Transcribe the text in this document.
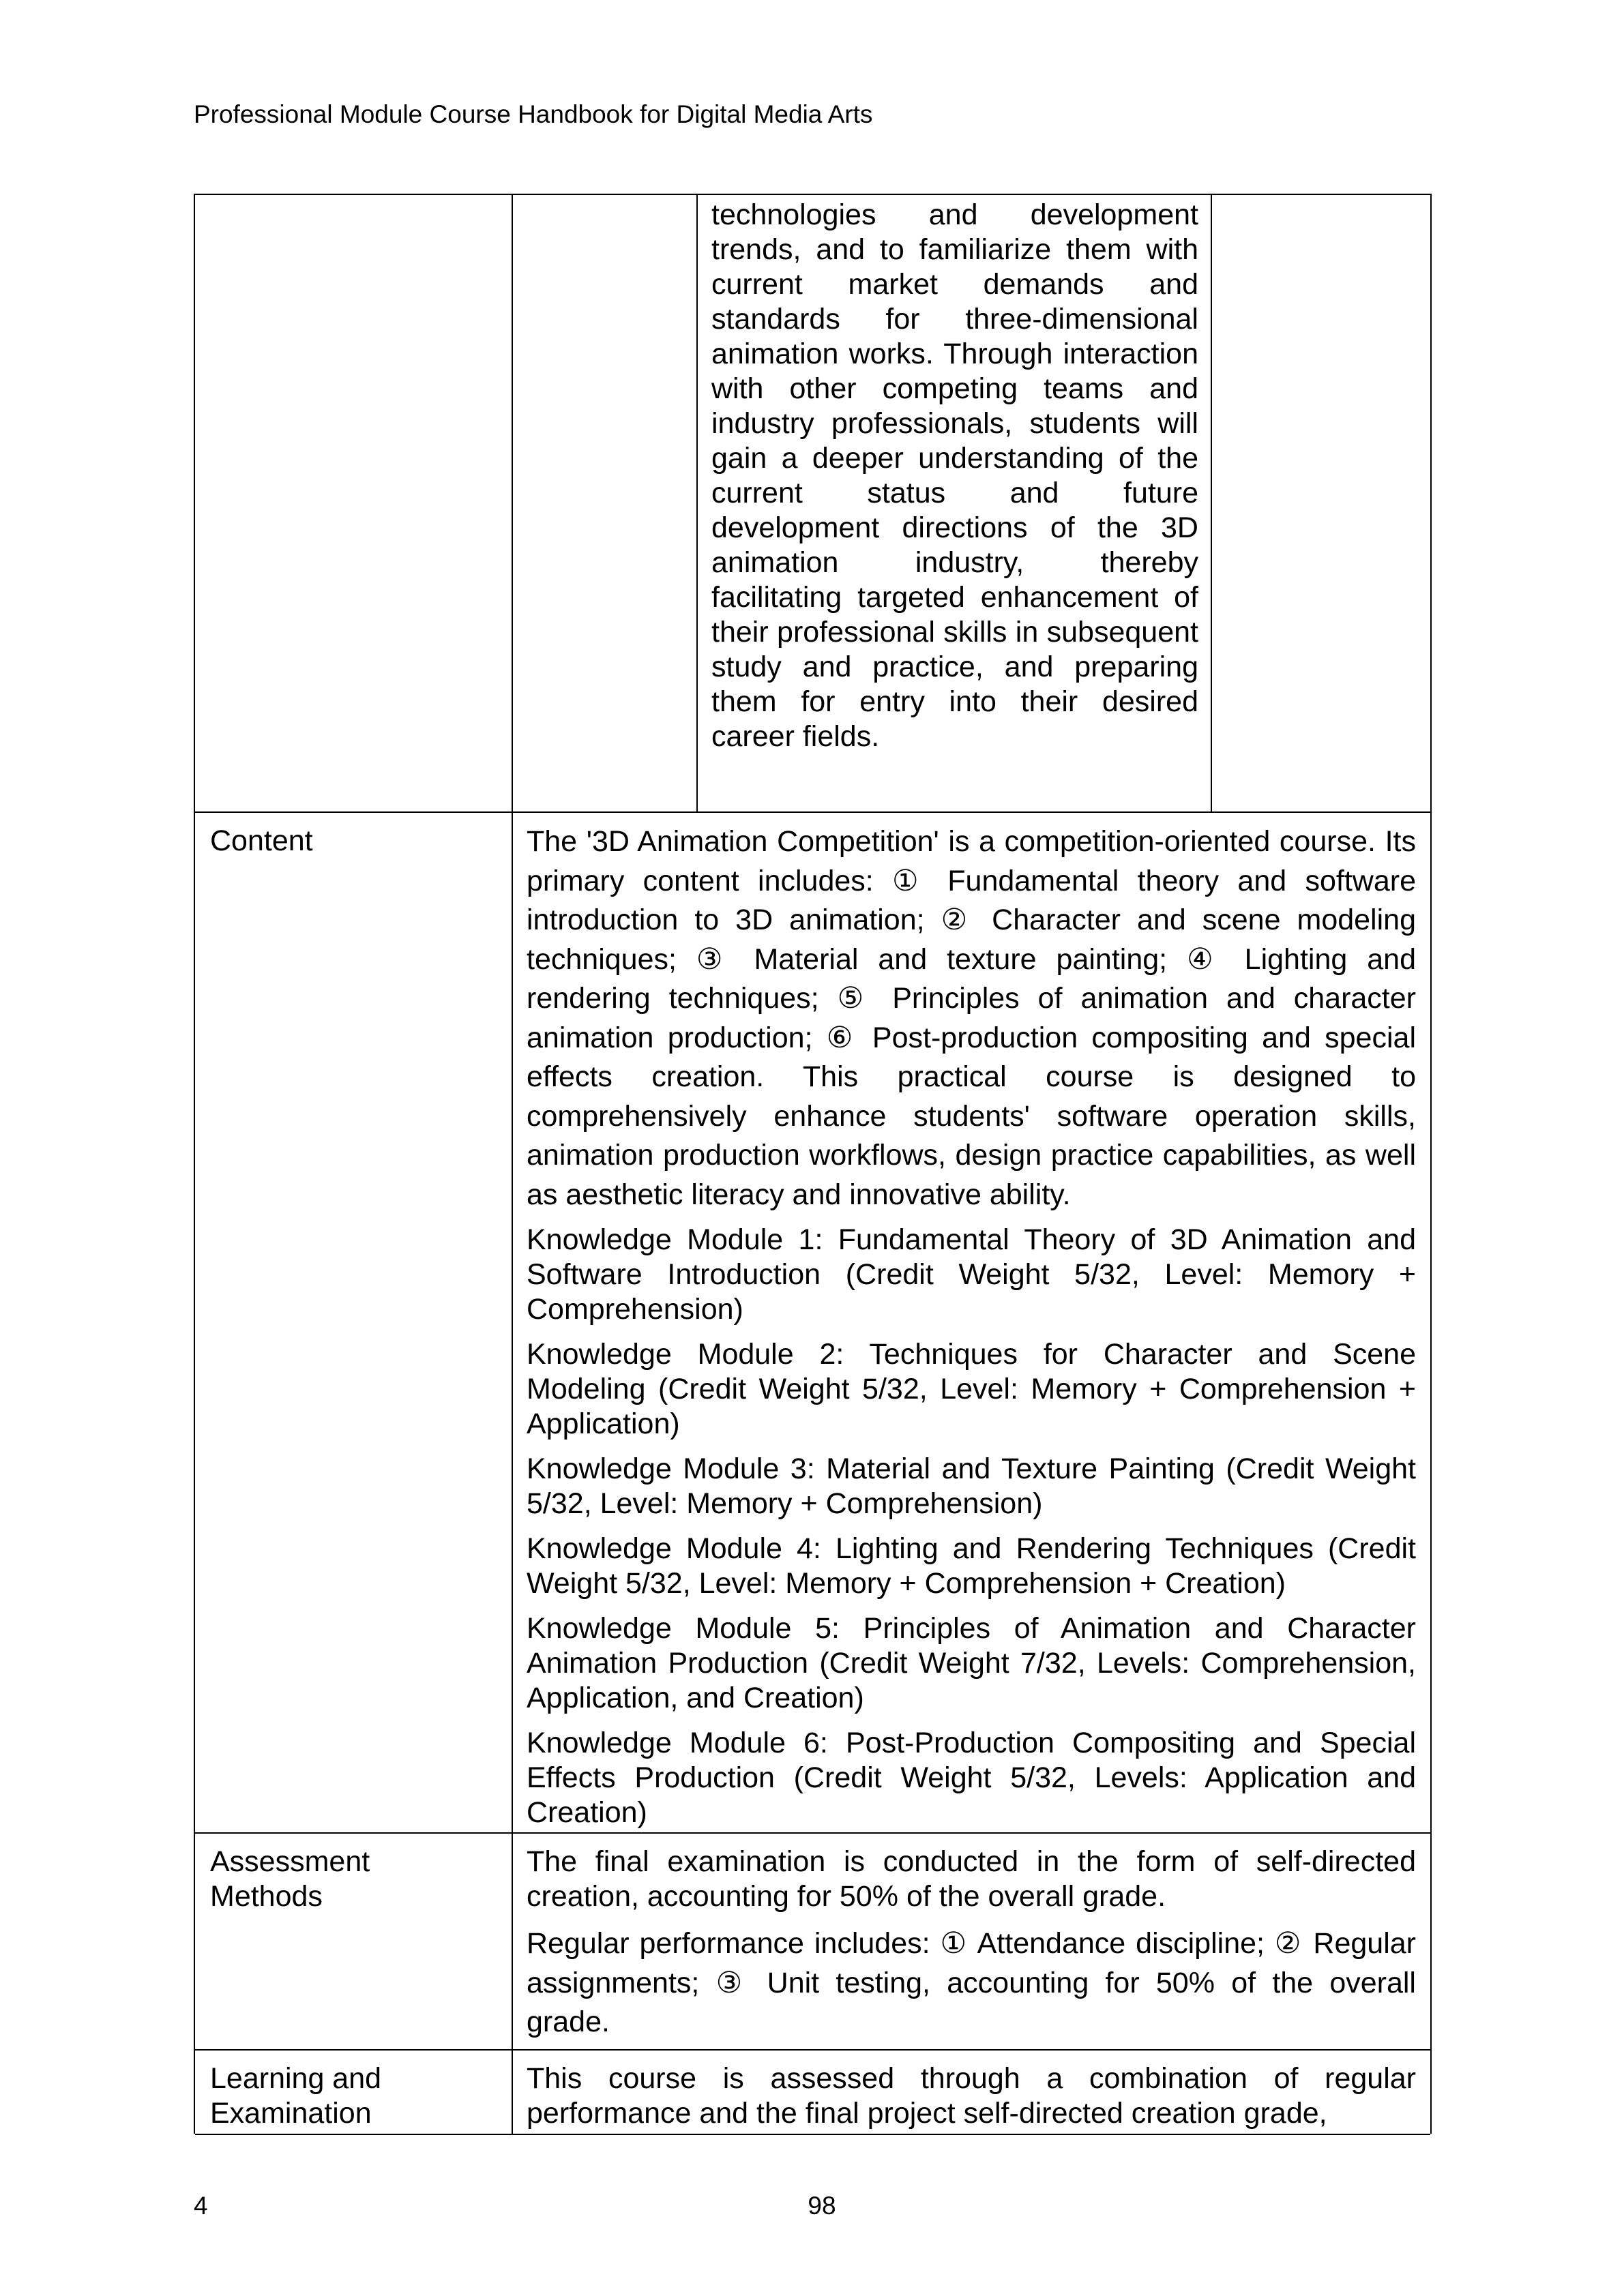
Professional Module Course Handbook for Digital Media Arts
technologies and development trends, and to familiarize them with current market demands and standards for three-dimensional animation works. Through interaction with other competing teams and industry professionals, students will gain a deeper understanding of the current status and future development directions of the 3D animation industry, thereby facilitating targeted enhancement of their professional skills in subsequent study and practice, and preparing them for entry into their desired career fields.
Content	The '3D Animation Competition' is a competition-oriented course. Its primary content includes: ① Fundamental theory and software introduction to 3D animation; ② Character and scene modeling techniques; ③ Material and texture painting; ④ Lighting and rendering techniques; ⑤ Principles of animation and character animation production; ⑥ Post-production compositing and special effects creation. This practical course is designed to comprehensively enhance students' software operation skills, animation production workflows, design practice capabilities, as well as aesthetic literacy and innovative ability.

Knowledge Module 1: Fundamental Theory of 3D Animation and Software Introduction (Credit Weight 5/32, Level: Memory + Comprehension)

Knowledge Module 2: Techniques for Character and Scene Modeling (Credit Weight 5/32, Level: Memory + Comprehension + Application)

Knowledge Module 3: Material and Texture Painting (Credit Weight 5/32, Level: Memory + Comprehension)

Knowledge Module 4: Lighting and Rendering Techniques (Credit Weight 5/32, Level: Memory + Comprehension + Creation)

Knowledge Module 5: Principles of Animation and Character Animation Production (Credit Weight 7/32, Levels: Comprehension, Application, and Creation)

Knowledge Module 6: Post-Production Compositing and Special Effects Production (Credit Weight 5/32, Levels: Application and Creation)

Assessment Methods

The final examination is conducted in the form of self-directed creation, accounting for 50% of the overall grade.

Regular performance includes: ① Attendance discipline; ② Regular assignments; ③ Unit testing, accounting for 50% of the overall grade.

Learning and Examination

This course is assessed through a combination of regular performance and the final project self-directed creation grade,

4	98
